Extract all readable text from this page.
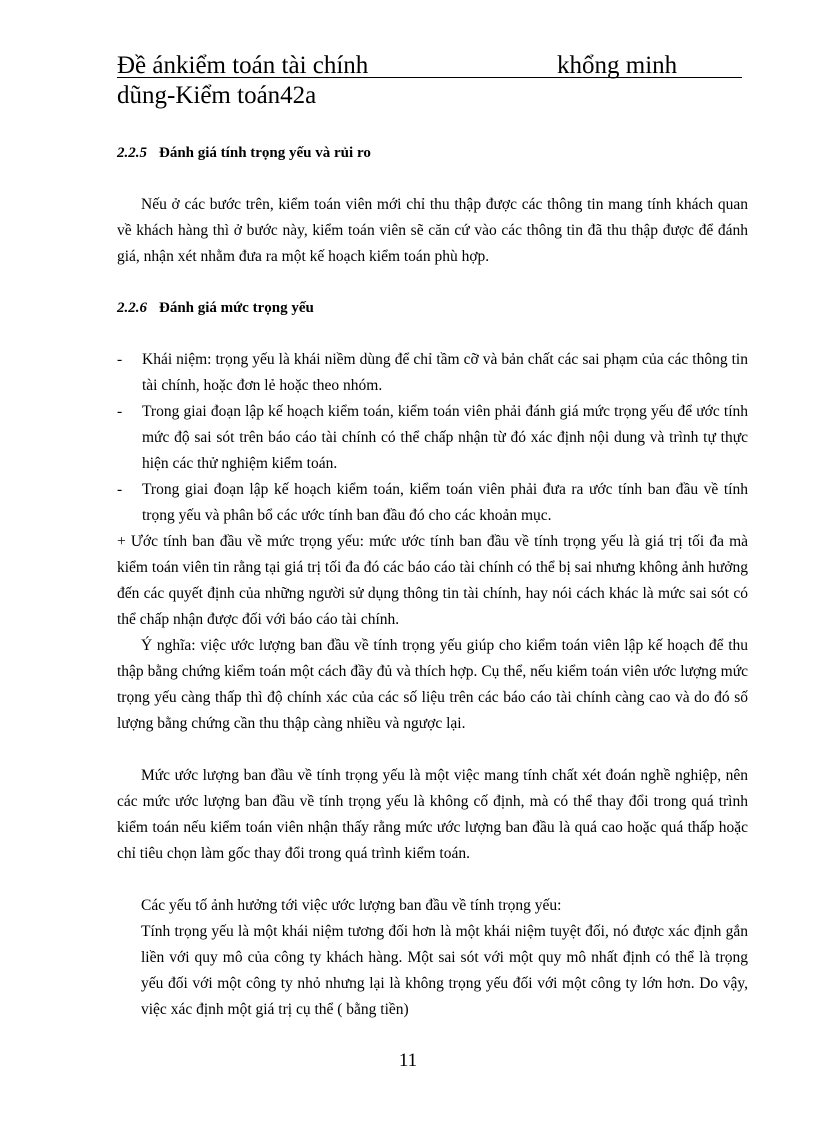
Đề ánkiểm toán tài chính	khổng minh
dũng-Kiểm toán42a
2.2.5 Đánh giá tính trọng yếu và rủi ro
Nếu ở các bước trên, kiểm toán viên mới chỉ thu thập được các thông tin mang tính khách quan về khách hàng thì ở bước này, kiểm toán viên sẽ căn cứ vào các thông tin đã thu thập được để đánh giá, nhận xét nhằm đưa ra một kế hoạch kiểm toán phù hợp.
2.2.6 Đánh giá mức trọng yếu
- Khái niệm: trọng yếu là khái niềm dùng để chỉ tầm cỡ và bản chất các sai phạm của các thông tin tài chính, hoặc đơn lẻ hoặc theo nhóm.
- Trong giai đoạn lập kế hoạch kiểm toán, kiểm toán viên phải đánh giá mức trọng yếu để ước tính mức độ sai sót trên báo cáo tài chính có thể chấp nhận từ đó xác định nội dung và trình tự thực hiện các thử nghiệm kiểm toán.
- Trong giai đoạn lập kế hoạch kiểm toán, kiểm toán viên phải đưa ra ước tính ban đầu về tính trọng yếu và phân bổ các ước tính ban đầu đó cho các khoản mục.
+ Ước tính ban đầu về mức trọng yếu: mức ước tính ban đầu về tính trọng yếu là giá trị tối đa mà kiểm toán viên tin rằng tại giá trị tối đa đó các báo cáo tài chính có thể bị sai nhưng không ảnh hưởng đến các quyết định của những người sử dụng thông tin tài chính, hay nói cách khác là mức sai sót có thể chấp nhận được đối với báo cáo tài chính.
Ý nghĩa: việc ước lượng ban đầu về tính trọng yếu giúp cho kiểm toán viên lập kế hoạch để thu thập bằng chứng kiểm toán một cách đầy đủ và thích hợp. Cụ thể, nếu kiểm toán viên ước lượng mức trọng yếu càng thấp thì độ chính xác của các số liệu trên các báo cáo tài chính càng cao và do đó số lượng bằng chứng cần thu thập càng nhiều và ngược lại.
Mức ước lượng ban đầu về tính trọng yếu là một việc mang tính chất xét đoán nghề nghiệp, nên các mức ước lượng ban đầu về tính trọng yếu là không cố định, mà có thể thay đổi trong quá trình kiểm toán nếu kiểm toán viên nhận thấy rằng mức ước lượng ban đầu là quá cao hoặc quá thấp hoặc chỉ tiêu chọn làm gốc thay đổi trong quá trình kiểm toán.
Các yếu tố ảnh hưởng tới việc ước lượng ban đầu về tính trọng yếu:
Tính trọng yếu là một khái niệm tương đối hơn là một khái niệm tuyệt đối, nó được xác định gắn liền với quy mô của công ty khách hàng. Một sai sót với một quy mô nhất định có thể là trọng yếu đối với một công ty nhỏ nhưng lại là không trọng yếu đối với một công ty lớn hơn. Do vậy, việc xác định một giá trị cụ thể ( bằng tiền)
11
